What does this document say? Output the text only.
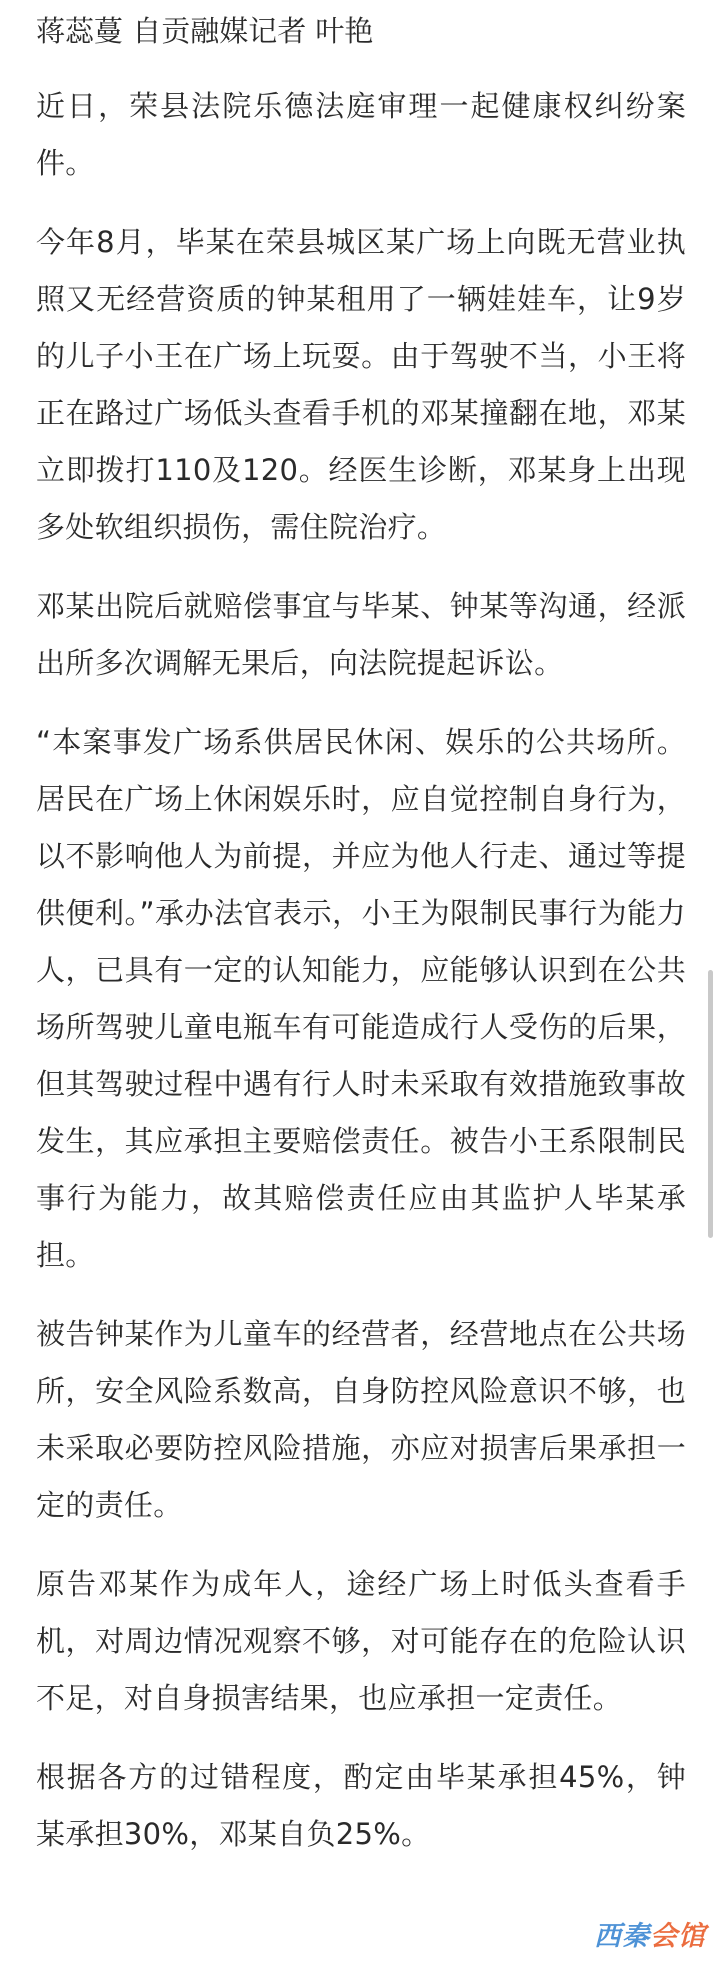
蒋蕊蔓 自贡融媒记者 叶艳

近日，荣县法院乐德法庭审理一起健康权纠纷案件。

今年8月，毕某在荣县城区某广场上向既无营业执照又无经营资质的钟某租用了一辆娃娃车，让9岁的儿子小王在广场上玩耍。由于驾驶不当，小王将正在路过广场低头查看手机的邓某撞翻在地，邓某立即拨打110及120。经医生诊断，邓某身上出现多处软组织损伤，需住院治疗。

邓某出院后就赔偿事宜与毕某、钟某等沟通，经派出所多次调解无果后，向法院提起诉讼。

“本案事发广场系供居民休闲、娱乐的公共场所。居民在广场上休闲娱乐时，应自觉控制自身行为，以不影响他人为前提，并应为他人行走、通过等提供便利。”承办法官表示，小王为限制民事行为能力人，已具有一定的认知能力，应能够认识到在公共场所驾驶儿童电瓶车有可能造成行人受伤的后果，但其驾驶过程中遇有行人时未采取有效措施致事故发生，其应承担主要赔偿责任。被告小王系限制民事行为能力，故其赔偿责任应由其监护人毕某承担。

被告钟某作为儿童车的经营者，经营地点在公共场所，安全风险系数高，自身防控风险意识不够，也未采取必要防控风险措施，亦应对损害后果承担一定的责任。

原告邓某作为成年人，途经广场上时低头查看手机，对周边情况观察不够，对可能存在的危险认识不足，对自身损害结果，也应承担一定责任。

根据各方的过错程度，酌定由毕某承担45%，钟某承担30%，邓某自负25%。

西秦会馆
